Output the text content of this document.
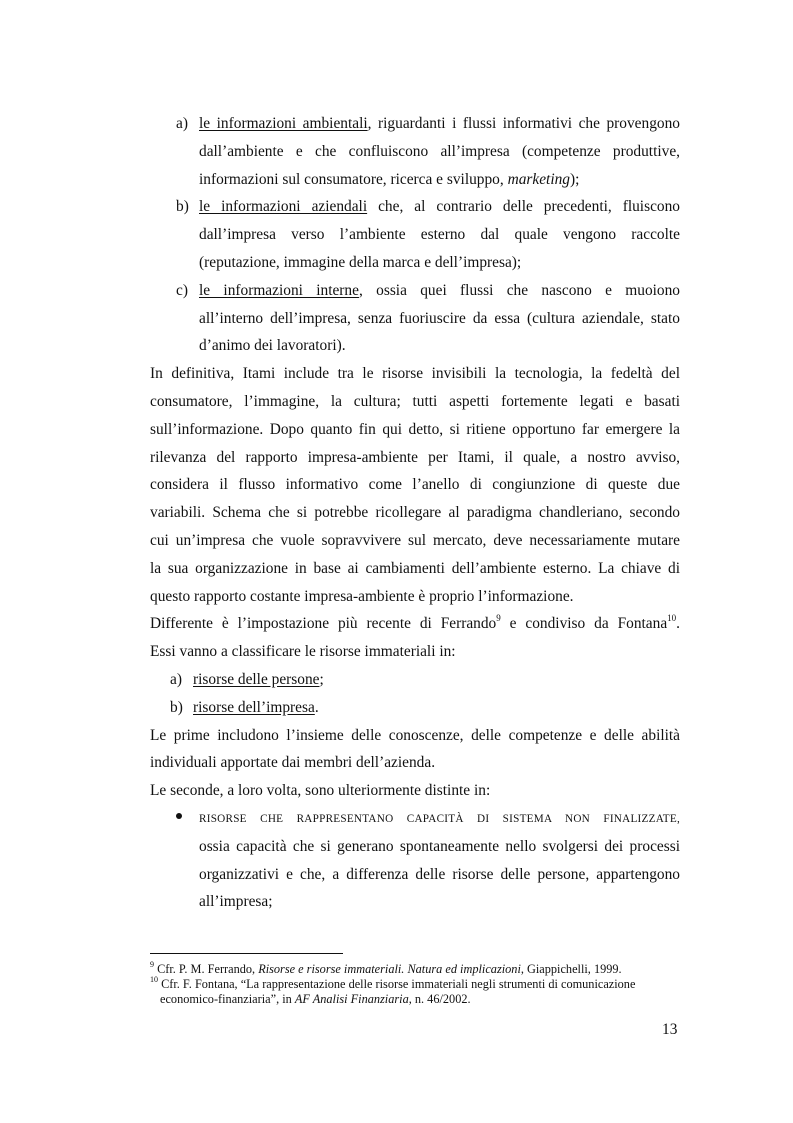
a) le informazioni ambientali, riguardanti i flussi informativi che provengono
dall’ambiente e che confluiscono all’impresa (competenze produttive,
informazioni sul consumatore, ricerca e sviluppo, marketing);
b) le informazioni aziendali che, al contrario delle precedenti, fluiscono
dall’impresa verso l’ambiente esterno dal quale vengono raccolte
(reputazione, immagine della marca e dell’impresa);
c) le informazioni interne, ossia quei flussi che nascono e muoiono
all’interno dell’impresa, senza fuoriuscire da essa (cultura aziendale, stato
d’animo dei lavoratori).
In definitiva, Itami include tra le risorse invisibili la tecnologia, la fedeltà del
consumatore, l’immagine, la cultura; tutti aspetti fortemente legati e basati
sull’informazione. Dopo quanto fin qui detto, si ritiene opportuno far emergere la
rilevanza del rapporto impresa-ambiente per Itami, il quale, a nostro avviso,
considera il flusso informativo come l’anello di congiunzione di queste due
variabili. Schema che si potrebbe ricollegare al paradigma chandleriano, secondo
cui un’impresa che vuole sopravvivere sul mercato, deve necessariamente mutare
la sua organizzazione in base ai cambiamenti dell’ambiente esterno. La chiave di
questo rapporto costante impresa-ambiente è proprio l’informazione.
Differente è l’impostazione più recente di Ferrando$^9$ e condiviso da Fontana$^{10}$.
Essi vanno a classificare le risorse immateriali in:
a) risorse delle persone;
b) risorse dell’impresa.
Le prime includono l’insieme delle conoscenze, delle competenze e delle abilità
individuali apportate dai membri dell’azienda.
Le seconde, a loro volta, sono ulteriormente distinte in:
RISORSE CHE RAPPRESENTANO CAPACITÀ DI SISTEMA NON FINALIZZATE,
ossia capacità che si generano spontaneamente nello svolgersi dei processi
organizzativi e che, a differenza delle risorse delle persone, appartengono
all’impresa;
$^9$ Cfr. P. M. Ferrando, Risorse e risorse immateriali. Natura ed implicazioni, Giappichelli, 1999.
$^{10}$ Cfr. F. Fontana, “La rappresentazione delle risorse immateriali negli strumenti di comunicazione
economico-finanziaria”, in AF Analisi Finanziaria, n. 46/2002.
13
